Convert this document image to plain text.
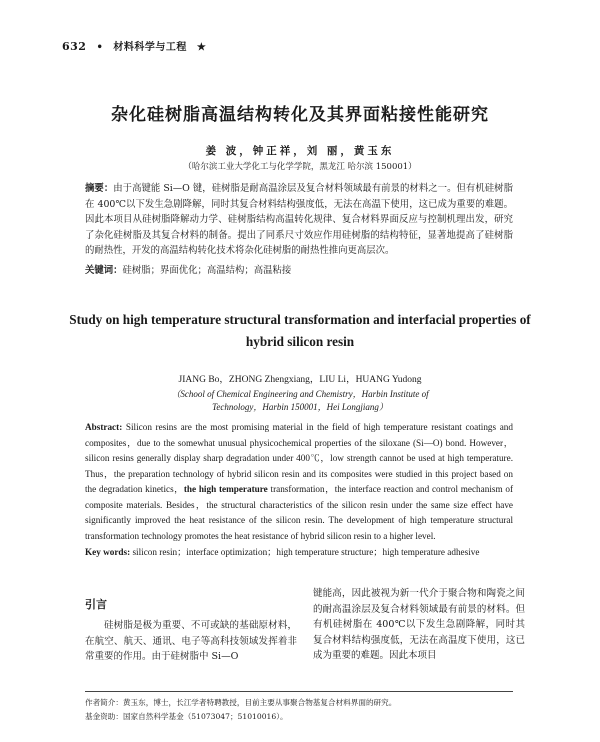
632 • 材料科学与工程 ★
杂化硅树脂高温结构转化及其界面粘接性能研究
姜 波，钟正祥，刘 丽，黄玉东
（哈尔滨工业大学化工与化学学院，黑龙江 哈尔滨 150001）
摘要：由于高键能 Si—O 键，硅树脂是耐高温涂层及复合材料领域最有前景的材料之一。但有机硅树脂在 400℃以下发生急剧降解，同时其复合材料结构强度低，无法在高温下使用，这已成为重要的难题。因此本项目从硅树脂降解动力学、硅树脂结构高温转化规律、复合材料界面反应与控制机理出发，研究了杂化硅树脂及其复合材料的制备。提出了同系尺寸效应作用硅树脂的结构特征，显著地提高了硅树脂的耐热性，开发的高温结构转化技术将杂化硅树脂的耐热性推向更高层次。
关键词：硅树脂；界面优化；高温结构；高温粘接
Study on high temperature structural transformation and interfacial properties of hybrid silicon resin
JIANG Bo，ZHONG Zhengxiang，LIU Li，HUANG Yudong
（School of Chemical Engineering and Chemistry，Harbin Institute of Technology，Harbin 150001，Hei Longjiang）
Abstract: Silicon resins are the most promising material in the field of high temperature resistant coatings and composites，due to the somewhat unusual physicochemical properties of the siloxane (Si—O) bond. However，silicon resins generally display sharp degradation under 400℃，low strength cannot be used at high temperature. Thus，the preparation technology of hybrid silicon resin and its composites were studied in this project based on the degradation kinetics，the high temperature transformation，the interface reaction and control mechanism of composite materials. Besides，the structural characteristics of the silicon resin under the same size effect have significantly improved the heat resistance of the silicon resin. The development of high temperature structural transformation technology promotes the heat resistance of hybrid silicon resin to a higher level.
Key words: silicon resin；interface optimization；high temperature structure；high temperature adhesive
引言
硅树脂是极为重要、不可或缺的基础原材料，在航空、航天、通讯、电子等高科技领域发挥着非常重要的作用。由于硅树脂中 Si—O
键能高，因此被视为新一代介于聚合物和陶瓷之间的耐高温涂层及复合材料领域最有前景的材料。但有机硅树脂在 400℃以下发生急剧降解，同时其复合材料结构强度低，无法在高温度下使用，这已成为重要的难题。因此本项目
作者简介：黄玉东，博士，长江学者特聘教授，目前主要从事聚合物基复合材料界面的研究。
基金资助：国家自然科学基金（51073047；51010016）。
